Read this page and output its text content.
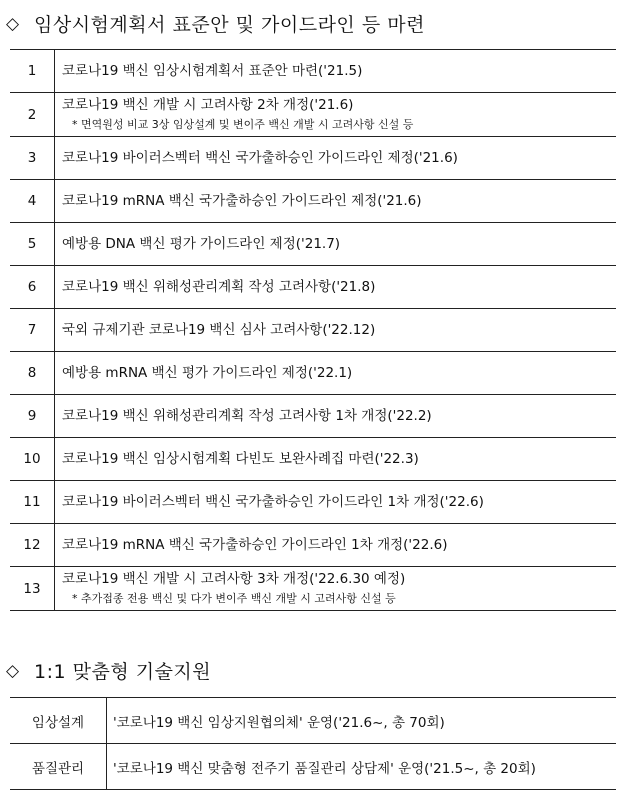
◇ 임상시험계획서 표준안 및 가이드라인 등 마련
1	코로나19 백신 임상시험계획서 표준안 마련('21.5)

2	코로나19 백신 개발 시 고려사항 2차 개정('21.6)
* 면역원성 비교 3상 임상설계 및 변이주 백신 개발 시 고려사항 신설 등

3	코로나19 바이러스벡터 백신 국가출하승인 가이드라인 제정('21.6)

4	코로나19 mRNA 백신 국가출하승인 가이드라인 제정('21.6)

5	예방용 DNA 백신 평가 가이드라인 제정('21.7)

6	코로나19 백신 위해성관리계획 작성 고려사항('21.8)

7	국외 규제기관 코로나19 백신 심사 고려사항('22.12)

8	예방용 mRNA 백신 평가 가이드라인 제정('22.1)

9	코로나19 백신 위해성관리계획 작성 고려사항 1차 개정('22.2)

10	코로나19 백신 임상시험계획 다빈도 보완사례집 마련('22.3)

11	코로나19 바이러스벡터 백신 국가출하승인 가이드라인 1차 개정('22.6)

12	코로나19 mRNA 백신 국가출하승인 가이드라인 1차 개정('22.6)

13	코로나19 백신 개발 시 고려사항 3차 개정('22.6.30 예정)
* 추가접종 전용 백신 및 다가 변이주 백신 개발 시 고려사항 신설 등
◇ 1:1 맞춤형 기술지원
임상설계	'코로나19 백신 임상지원협의체' 운영('21.6~, 총 70회)
품질관리	'코로나19 백신 맞춤형 전주기 품질관리 상담제' 운영('21.5~, 총 20회)
